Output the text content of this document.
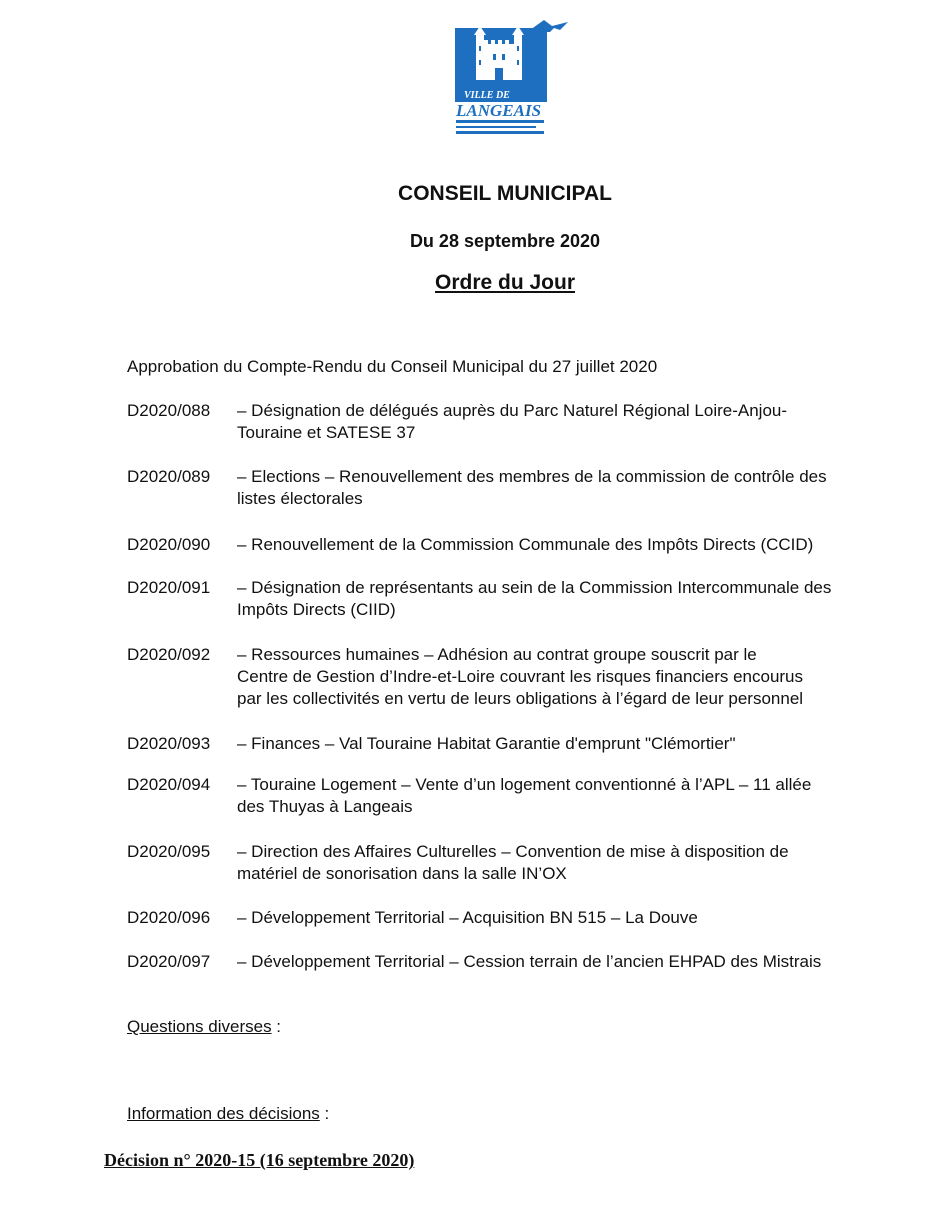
VILLE DE
LANGEAIS
CONSEIL MUNICIPAL
Du 28 septembre 2020
Ordre du Jour
Approbation du Compte-Rendu du Conseil Municipal du 27 juillet 2020
D2020/088 – Désignation de délégués auprès du Parc Naturel Régional Loire-Anjou-
Touraine et SATESE 37
D2020/089 – Elections – Renouvellement des membres de la commission de contrôle des
listes électorales
D2020/090 – Renouvellement de la Commission Communale des Impôts Directs (CCID)
D2020/091 – Désignation de représentants au sein de la Commission Intercommunale des
Impôts Directs (CIID)
D2020/092 – Ressources humaines – Adhésion au contrat groupe souscrit par le
Centre de Gestion d’Indre-et-Loire couvrant les risques financiers encourus
par les collectivités en vertu de leurs obligations à l’égard de leur personnel
D2020/093 – Finances – Val Touraine Habitat Garantie d'emprunt "Clémortier"
D2020/094 – Touraine Logement – Vente d’un logement conventionné à l’APL – 11 allée
des Thuyas à Langeais
D2020/095 – Direction des Affaires Culturelles – Convention de mise à disposition de
matériel de sonorisation dans la salle IN’OX
D2020/096 – Développement Territorial – Acquisition BN 515 – La Douve
D2020/097 – Développement Territorial – Cession terrain de l’ancien EHPAD des Mistrais
Questions diverses :
Information des décisions :
Décision n° 2020-15 (16 septembre 2020)
